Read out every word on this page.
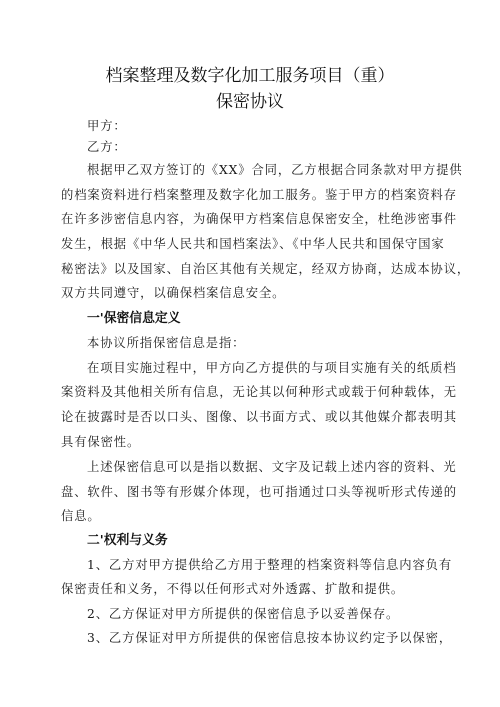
档案整理及数字化加工服务项目（重）
保密协议
甲方：
乙方：
根据甲乙双方签订的《XX》合同，乙方根据合同条款对甲方提供
的档案资料进行档案整理及数字化加工服务。鉴于甲方的档案资料存
在许多涉密信息内容，为确保甲方档案信息保密安全，杜绝涉密事件
发生，根据《中华人民共和国档案法》、《中华人民共和国保守国家
秘密法》以及国家、自治区其他有关规定，经双方协商，达成本协议，
双方共同遵守，以确保档案信息安全。
一'保密信息定义
本协议所指保密信息是指：
在项目实施过程中，甲方向乙方提供的与项目实施有关的纸质档
案资料及其他相关所有信息，无论其以何种形式或载于何种载体，无
论在披露时是否以口头、图像、以书面方式、或以其他媒介都表明其
具有保密性。
上述保密信息可以是指以数据、文字及记载上述内容的资料、光
盘、软件、图书等有形媒介体现，也可指通过口头等视听形式传递的
信息。
二'权利与义务
1、乙方对甲方提供给乙方用于整理的档案资料等信息内容负有
保密责任和义务，不得以任何形式对外透露、扩散和提供。
2、乙方保证对甲方所提供的保密信息予以妥善保存。
3、乙方保证对甲方所提供的保密信息按本协议约定予以保密，
